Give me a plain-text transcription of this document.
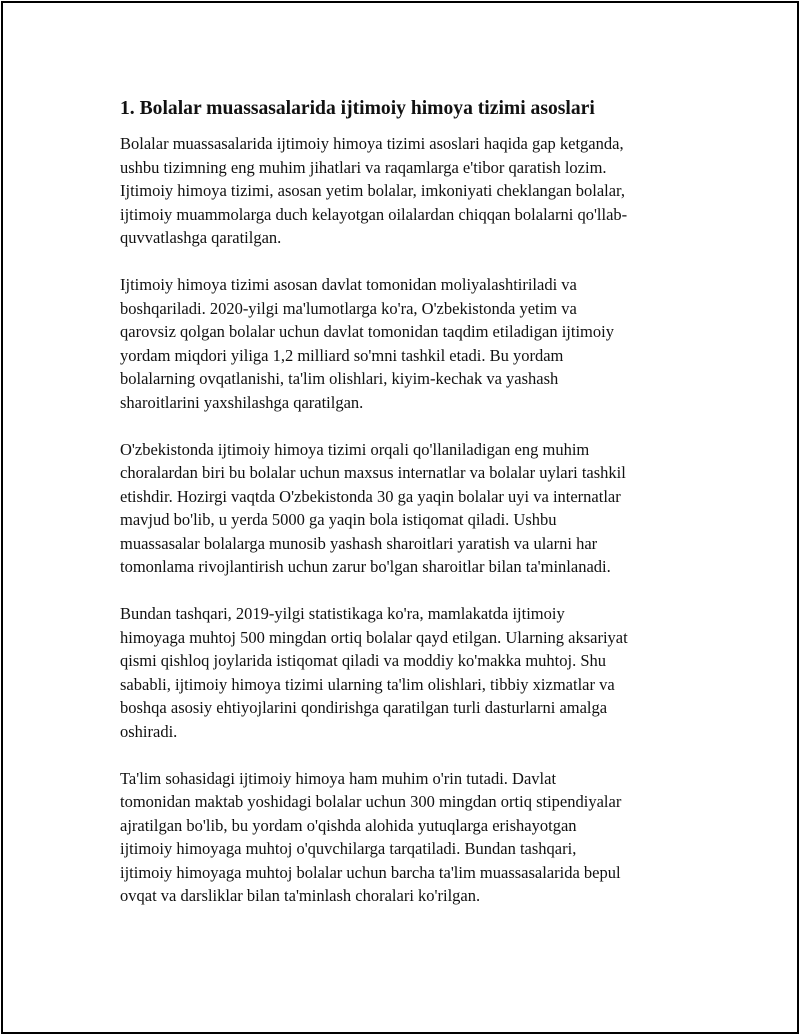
1. Bolalar muassasalarida ijtimoiy himoya tizimi asoslari

Bolalar muassasalarida ijtimoiy himoya tizimi asoslari haqida gap ketganda,
ushbu tizimning eng muhim jihatlari va raqamlarga e'tibor qaratish lozim.
Ijtimoiy himoya tizimi, asosan yetim bolalar, imkoniyati cheklangan bolalar,
ijtimoiy muammolarga duch kelayotgan oilalardan chiqqan bolalarni qo'llab-
quvvatlashga qaratilgan.

Ijtimoiy himoya tizimi asosan davlat tomonidan moliyalashtiriladi va
boshqariladi. 2020-yilgi ma'lumotlarga ko'ra, O'zbekistonda yetim va
qarovsiz qolgan bolalar uchun davlat tomonidan taqdim etiladigan ijtimoiy
yordam miqdori yiliga 1,2 milliard so'mni tashkil etadi. Bu yordam
bolalarning ovqatlanishi, ta'lim olishlari, kiyim-kechak va yashash
sharoitlarini yaxshilashga qaratilgan.

O'zbekistonda ijtimoiy himoya tizimi orqali qo'llaniladigan eng muhim
choralardan biri bu bolalar uchun maxsus internatlar va bolalar uylari tashkil
etishdir. Hozirgi vaqtda O'zbekistonda 30 ga yaqin bolalar uyi va internatlar
mavjud bo'lib, u yerda 5000 ga yaqin bola istiqomat qiladi. Ushbu
muassasalar bolalarga munosib yashash sharoitlari yaratish va ularni har
tomonlama rivojlantirish uchun zarur bo'lgan sharoitlar bilan ta'minlanadi.

Bundan tashqari, 2019-yilgi statistikaga ko'ra, mamlakatda ijtimoiy
himoyaga muhtoj 500 mingdan ortiq bolalar qayd etilgan. Ularning aksariyat
qismi qishloq joylarida istiqomat qiladi va moddiy ko'makka muhtoj. Shu
sababli, ijtimoiy himoya tizimi ularning ta'lim olishlari, tibbiy xizmatlar va
boshqa asosiy ehtiyojlarini qondirishga qaratilgan turli dasturlarni amalga
oshiradi.

Ta'lim sohasidagi ijtimoiy himoya ham muhim o'rin tutadi. Davlat
tomonidan maktab yoshidagi bolalar uchun 300 mingdan ortiq stipendiyalar
ajratilgan bo'lib, bu yordam o'qishda alohida yutuqlarga erishayotgan
ijtimoiy himoyaga muhtoj o'quvchilarga tarqatiladi. Bundan tashqari,
ijtimoiy himoyaga muhtoj bolalar uchun barcha ta'lim muassasalarida bepul
ovqat va darsliklar bilan ta'minlash choralari ko'rilgan.
